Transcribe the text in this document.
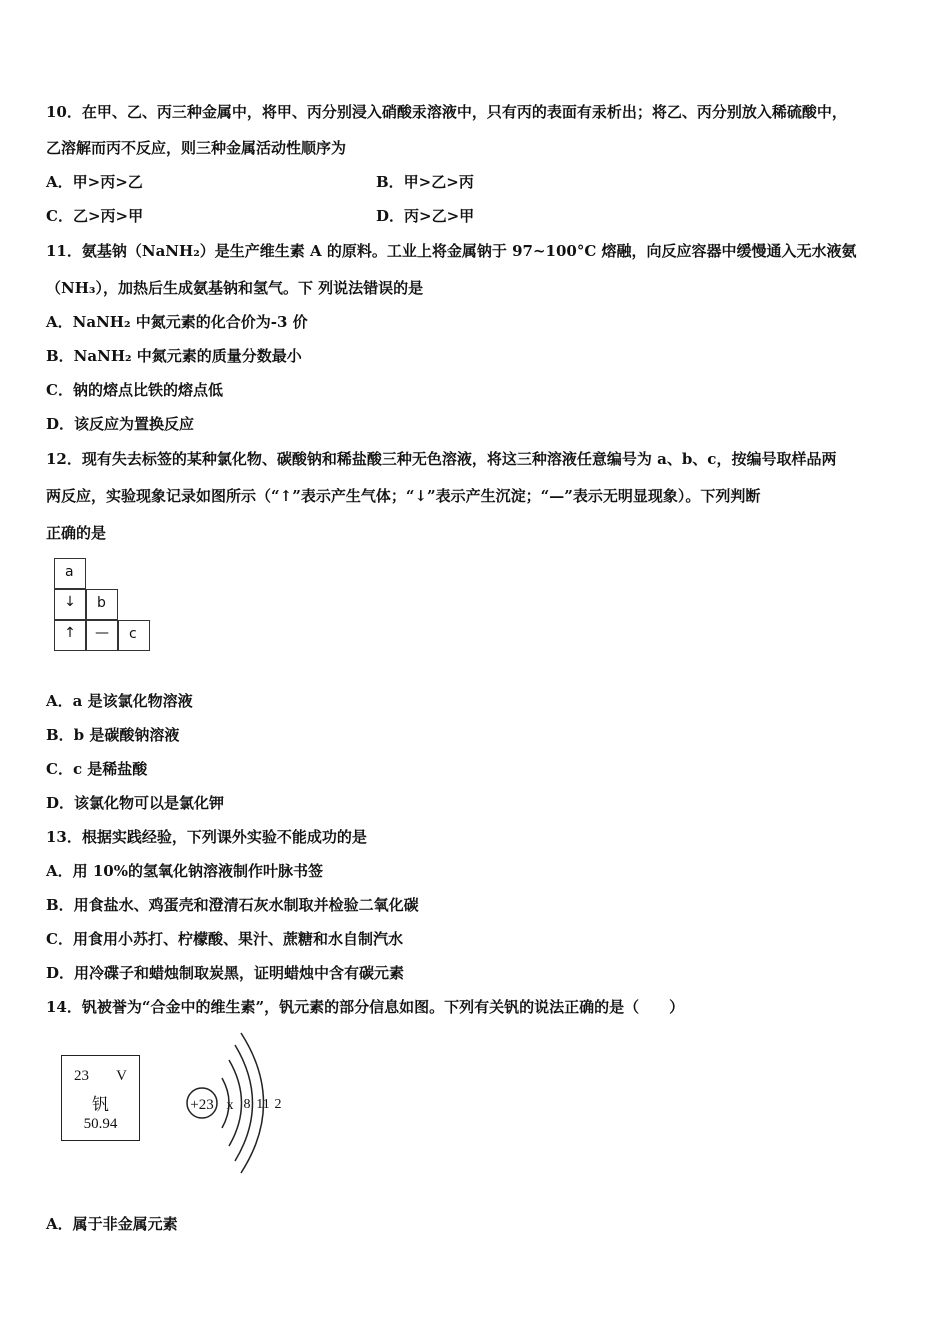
10．在甲、乙、丙三种金属中，将甲、丙分别浸入硝酸汞溶液中，只有丙的表面有汞析出；将乙、丙分别放入稀硫酸中，
乙溶解而丙不反应，则三种金属活动性顺序为
A．甲>丙>乙	B．甲>乙>丙
C．乙>丙>甲	D．丙>乙>甲
11．氨基钠（NaNH₂）是生产维生素 A 的原料。工业上将金属钠于 97~100°C 熔融，向反应容器中缓慢通入无水液氨
（NH₃），加热后生成氨基钠和氢气。下 列说法错误的是
A．NaNH₂ 中氮元素的化合价为-3 价
B．NaNH₂ 中氮元素的质量分数最小
C．钠的熔点比铁的熔点低
D．该反应为置换反应
12．现有失去标签的某种氯化物、碳酸钠和稀盐酸三种无色溶液，将这三种溶液任意编号为 a、b、c，按编号取样品两
两反应，实验现象记录如图所示（“↑”表示产生气体；“↓”表示产生沉淀；“—”表示无明显现象）。下列判断
正确的是
a
↓	b
↑	—	c
A．a 是该氯化物溶液
B．b 是碳酸钠溶液
C．c 是稀盐酸
D．该氯化物可以是氯化钾
13．根据实践经验，下列课外实验不能成功的是
A．用 10%的氢氧化钠溶液制作叶脉书签
B．用食盐水、鸡蛋壳和澄清石灰水制取并检验二氧化碳
C．用食用小苏打、柠檬酸、果汁、蔗糖和水自制汽水
D．用冷碟子和蜡烛制取炭黑，证明蜡烛中含有碳元素
14．钒被誉为“合金中的维生素”，钒元素的部分信息如图。下列有关钒的说法正确的是（　　）
23 V
钒
50.94
+23 x 8 11 2
A．属于非金属元素
